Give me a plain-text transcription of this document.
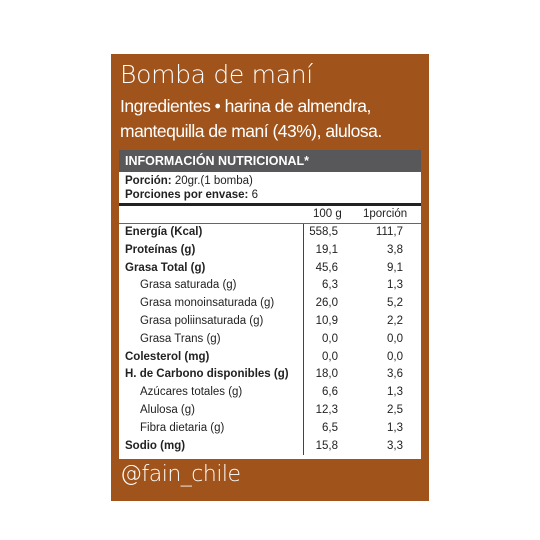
Bomba de maní
Ingredientes • harina de almendra,
mantequilla de maní (43%), alulosa.
INFORMACIÓN NUTRICIONAL*
Porción: 20gr.(1 bomba)
Porciones por envase: 6
100 g 1porción
Energía (Kcal)	558,5	111,7
Proteínas (g)	19,1	3,8
Grasa Total (g)	45,6	9,1
Grasa saturada (g)	6,3	1,3
Grasa monoinsaturada (g)	26,0	5,2
Grasa poliinsaturada (g)	10,9	2,2
Grasa Trans (g)	0,0	0,0
Colesterol (mg)	0,0	0,0
H. de Carbono disponibles (g) 18,0	3,6
Azúcares totales (g)	6,6	1,3
Alulosa (g)	12,3	2,5
Fibra dietaria (g)	6,5	1,3
Sodio (mg)	15,8	3,3
@fain_chile
